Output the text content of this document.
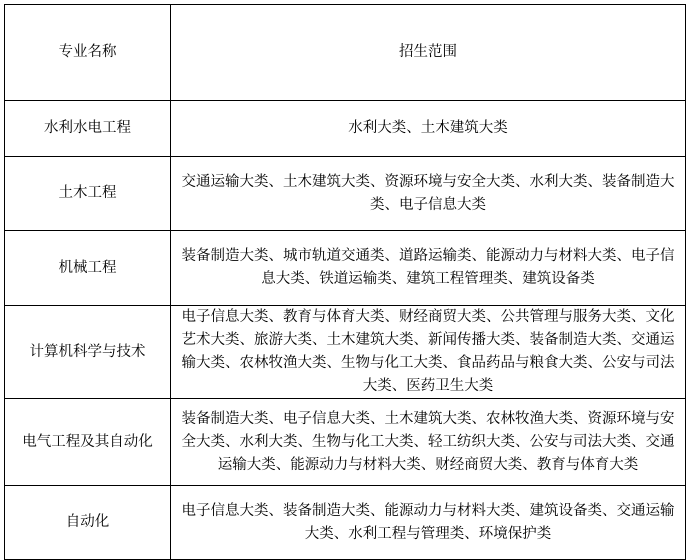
专业名称	招生范围
水利水电工程	水利大类、土木建筑大类
土木工程	交通运输大类、土木建筑大类、资源环境与安全大类、水利大类、装备制造大类、电子信息大类
机械工程	装备制造大类、城市轨道交通类、道路运输类、能源动力与材料大类、电子信息大类、铁道运输类、建筑工程管理类、建筑设备类
计算机科学与技术	电子信息大类、教育与体育大类、财经商贸大类、公共管理与服务大类、文化艺术大类、旅游大类、土木建筑大类、新闻传播大类、装备制造大类、交通运输大类、农林牧渔大类、生物与化工大类、食品药品与粮食大类、公安与司法大类、医药卫生大类
电气工程及其自动化	装备制造大类、电子信息大类、土木建筑大类、农林牧渔大类、资源环境与安全大类、水利大类、生物与化工大类、轻工纺织大类、公安与司法大类、交通运输大类、能源动力与材料大类、财经商贸大类、教育与体育大类
自动化	电子信息大类、装备制造大类、能源动力与材料大类、建筑设备类、交通运输大类、水利工程与管理类、环境保护类
